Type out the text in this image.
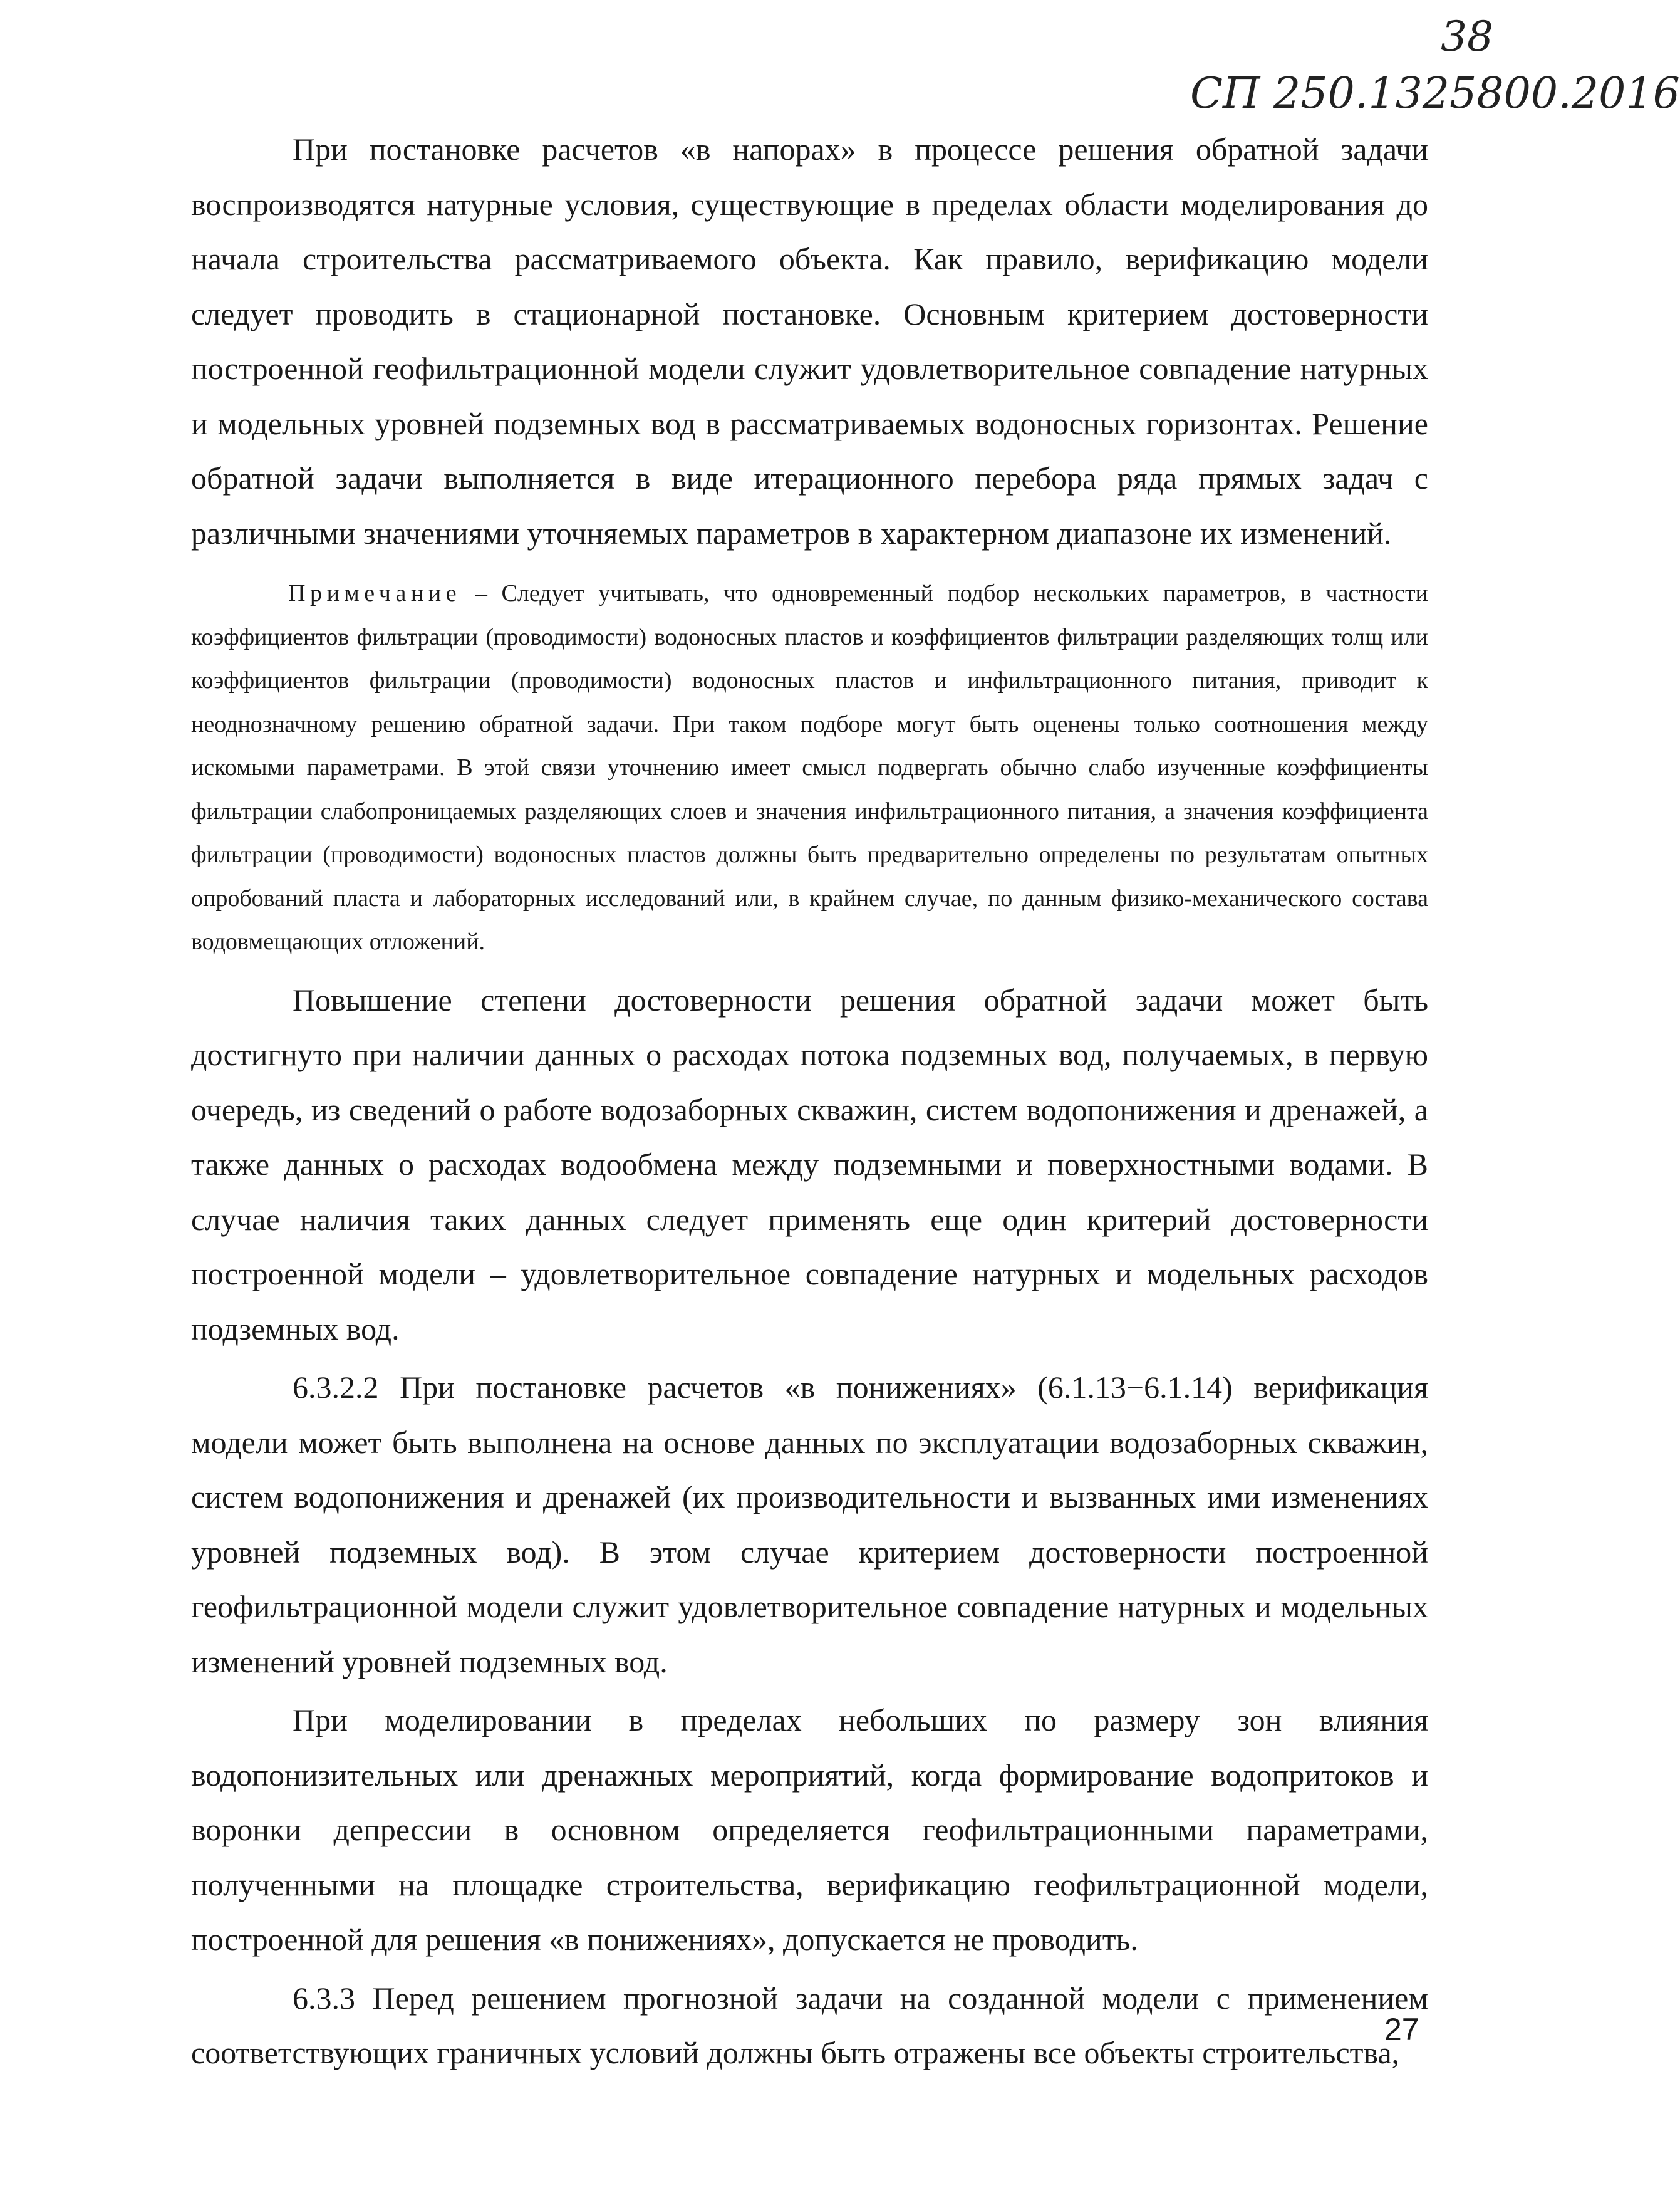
38
СП 250.1325800.2016

При постановке расчетов «в напорах» в процессе решения обратной задачи воспроизводятся натурные условия, существующие в пределах области моделирования до начала строительства рассматриваемого объекта. Как правило, верификацию модели следует проводить в стационарной постановке. Основным критерием достоверности построенной геофильтрационной модели служит удовлетворительное совпадение натурных и модельных уровней подземных вод в рассматриваемых водоносных горизонтах. Решение обратной задачи выполняется в виде итерационного перебора ряда прямых задач с различными значениями уточняемых параметров в характерном диапазоне их изменений.

Примечание – Следует учитывать, что одновременный подбор нескольких параметров, в частности коэффициентов фильтрации (проводимости) водоносных пластов и коэффициентов фильтрации разделяющих толщ или коэффициентов фильтрации (проводимости) водоносных пластов и инфильтрационного питания, приводит к неоднозначному решению обратной задачи. При таком подборе могут быть оценены только соотношения между искомыми параметрами. В этой связи уточнению имеет смысл подвергать обычно слабо изученные коэффициенты фильтрации слабопроницаемых разделяющих слоев и значения инфильтрационного питания, а значения коэффициента фильтрации (проводимости) водоносных пластов должны быть предварительно определены по результатам опытных опробований пласта и лабораторных исследований или, в крайнем случае, по данным физико-механического состава водовмещающих отложений.

Повышение степени достоверности решения обратной задачи может быть достигнуто при наличии данных о расходах потока подземных вод, получаемых, в первую очередь, из сведений о работе водозаборных скважин, систем водопонижения и дренажей, а также данных о расходах водообмена между подземными и поверхностными водами. В случае наличия таких данных следует применять еще один критерий достоверности построенной модели – удовлетворительное совпадение натурных и модельных расходов подземных вод.

6.3.2.2 При постановке расчетов «в понижениях» (6.1.13−6.1.14) верификация модели может быть выполнена на основе данных по эксплуатации водозаборных скважин, систем водопонижения и дренажей (их производительности и вызванных ими изменениях уровней подземных вод). В этом случае критерием достоверности построенной геофильтрационной модели служит удовлетворительное совпадение натурных и модельных изменений уровней подземных вод.

При моделировании в пределах небольших по размеру зон влияния водопонизительных или дренажных мероприятий, когда формирование водопритоков и воронки депрессии в основном определяется геофильтрационными параметрами, полученными на площадке строительства, верификацию геофильтрационной модели, построенной для решения «в понижениях», допускается не проводить.

6.3.3 Перед решением прогнозной задачи на созданной модели с применением соответствующих граничных условий должны быть отражены все объекты строительства,

27
